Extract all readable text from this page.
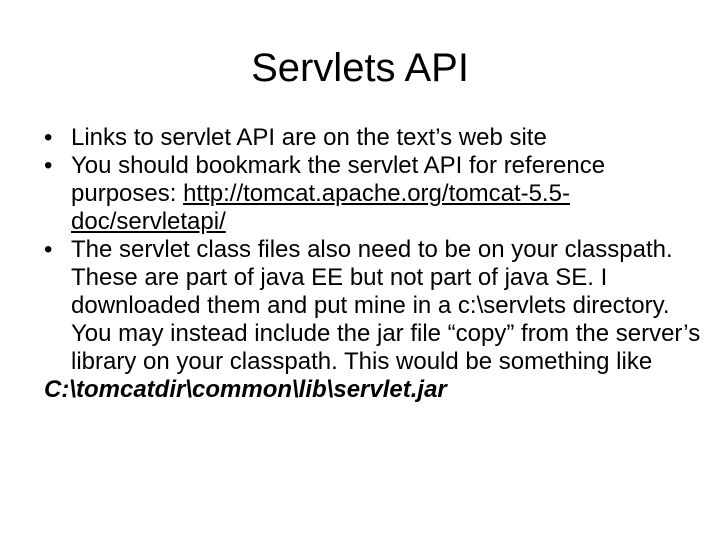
Servlets API
• Links to servlet API are on the text’s web site
• You should bookmark the servlet API for reference purposes: http://tomcat.apache.org/tomcat-5.5-doc/servletapi/
• The servlet class files also need to be on your classpath. These are part of java EE but not part of java SE. I downloaded them and put mine in a c:\servlets directory. You may instead include the jar file “copy” from the server’s library on your classpath. This would be something like
C:\tomcatdir\common\lib\servlet.jar
